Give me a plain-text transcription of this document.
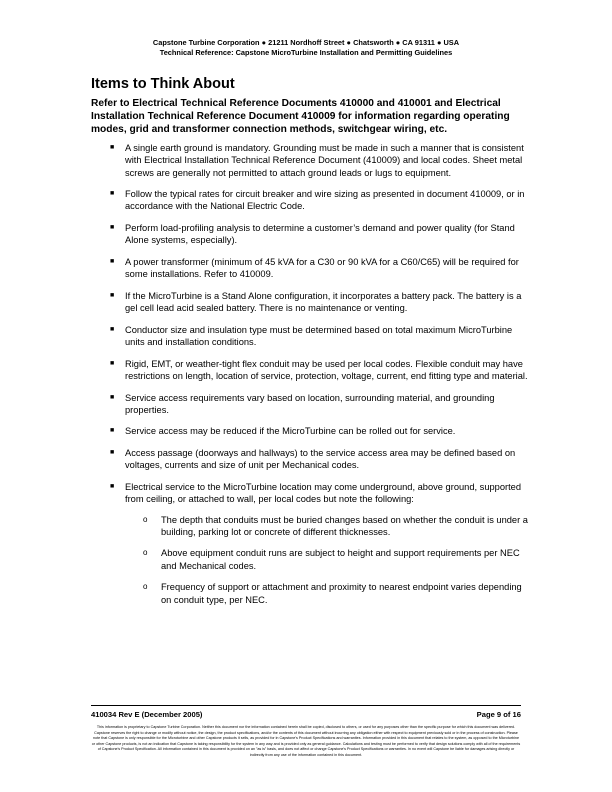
Capstone Turbine Corporation ● 21211 Nordhoff Street ● Chatsworth ● CA 91311 ● USA
Technical Reference: Capstone MicroTurbine Installation and Permitting Guidelines
Items to Think About

Refer to Electrical Technical Reference Documents 410000 and 410001 and Electrical Installation Technical Reference Document 410009 for information regarding operating modes, grid and transformer connection methods, switchgear wiring, etc.

■ A single earth ground is mandatory. Grounding must be made in such a manner that is consistent with Electrical Installation Technical Reference Document (410009) and local codes. Sheet metal screws are generally not permitted to attach ground leads or lugs to equipment.
■ Follow the typical rates for circuit breaker and wire sizing as presented in document 410009, or in accordance with the National Electric Code.
■ Perform load-profiling analysis to determine a customer’s demand and power quality (for Stand Alone systems, especially).
■ A power transformer (minimum of 45 kVA for a C30 or 90 kVA for a C60/C65) will be required for some installations. Refer to 410009.
■ If the MicroTurbine is a Stand Alone configuration, it incorporates a battery pack. The battery is a gel cell lead acid sealed battery. There is no maintenance or venting.
■ Conductor size and insulation type must be determined based on total maximum MicroTurbine units and installation conditions.
■ Rigid, EMT, or weather-tight flex conduit may be used per local codes. Flexible conduit may have restrictions on length, location of service, protection, voltage, current, end fitting type and material.
■ Service access requirements vary based on location, surrounding material, and grounding properties.
■ Service access may be reduced if the MicroTurbine can be rolled out for service.
■ Access passage (doorways and hallways) to the service access area may be defined based on voltages, currents and size of unit per Mechanical codes.
■ Electrical service to the MicroTurbine location may come underground, above ground, supported from ceiling, or attached to wall, per local codes but note the following:
o The depth that conduits must be buried changes based on whether the conduit is under a building, parking lot or concrete of different thicknesses.
o Above equipment conduit runs are subject to height and support requirements per NEC and Mechanical codes.
o Frequency of support or attachment and proximity to nearest endpoint varies depending on conduit type, per NEC.
410034 Rev E (December 2005)	Page 9 of 16
This information is proprietary to Capstone Turbine Corporation. Neither this document nor the information contained herein shall be copied, disclosed to others, or used for any purposes other than the specific purpose for which this document was delivered. Capstone reserves the right to change or modify without notice, the design, the product specifications, and/or the contents of this document without incurring any obligation either with respect to equipment previously sold or in the process of construction. Please note that Capstone is only responsible for the Microturbine and other Capstone products it sells, as provided for in Capstone's Product Specifications and warranties. Information provided in this document that relates to the system, as opposed to the Microturbine or other Capstone products, is not an indication that Capstone is taking responsibility for the system in any way and is provided only as general guidance. Calculations and testing must be performed to verify that design solutions comply with all of the requirements of Capstone's Product Specification. All information contained in this document is provided on an "as is" basis, and does not affect or change Capstone's Product Specifications or warranties. In no event will Capstone be liable for damages arising directly or indirectly from any use of the information contained in this document.
